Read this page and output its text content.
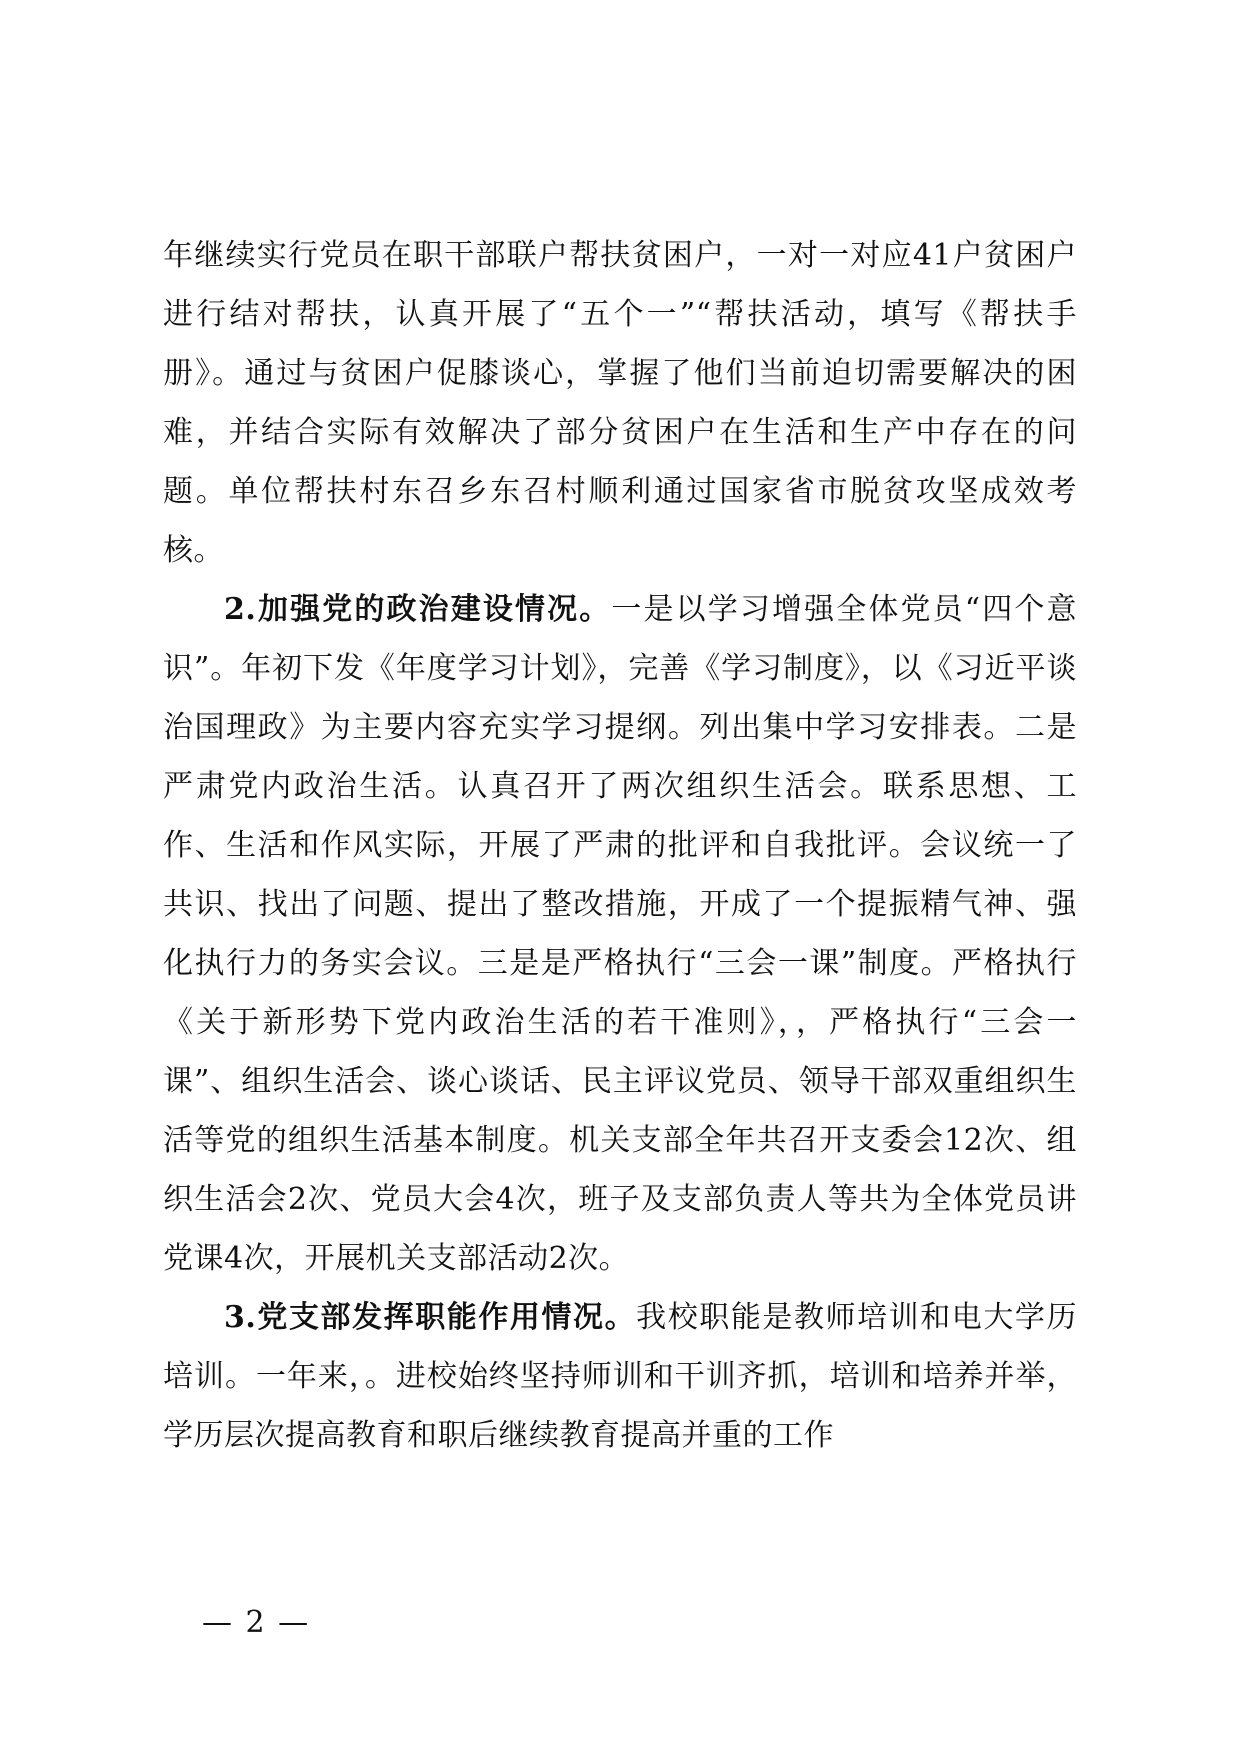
年继续实行党员在职干部联户帮扶贫困户，一对一对应41户贫困户进行结对帮扶，认真开展了“五个一”“帮扶活动，填写《帮扶手册》。通过与贫困户促膝谈心，掌握了他们当前迫切需要解决的困难，并结合实际有效解决了部分贫困户在生活和生产中存在的问题。单位帮扶村东召乡东召村顺利通过国家省市脱贫攻坚成效考核。

2.加强党的政治建设情况。一是以学习增强全体党员“四个意识”。年初下发《年度学习计划》，完善《学习制度》，以《习近平谈治国理政》为主要内容充实学习提纲。列出集中学习安排表。二是严肃党内政治生活。认真召开了两次组织生活会。联系思想、工作、生活和作风实际，开展了严肃的批评和自我批评。会议统一了共识、找出了问题、提出了整改措施，开成了一个提振精气神、强化执行力的务实会议。三是是严格执行“三会一课”制度。严格执行《关于新形势下党内政治生活的若干准则》，，严格执行“三会一课”、组织生活会、谈心谈话、民主评议党员、领导干部双重组织生活等党的组织生活基本制度。机关支部全年共召开支委会12次、组织生活会2次、党员大会4次，班子及支部负责人等共为全体党员讲党课4次，开展机关支部活动2次。

3.党支部发挥职能作用情况。我校职能是教师培训和电大学历培训。一年来，。进校始终坚持师训和干训齐抓，培训和培养并举，学历层次提高教育和职后继续教育提高并重的工作

— 2 —
